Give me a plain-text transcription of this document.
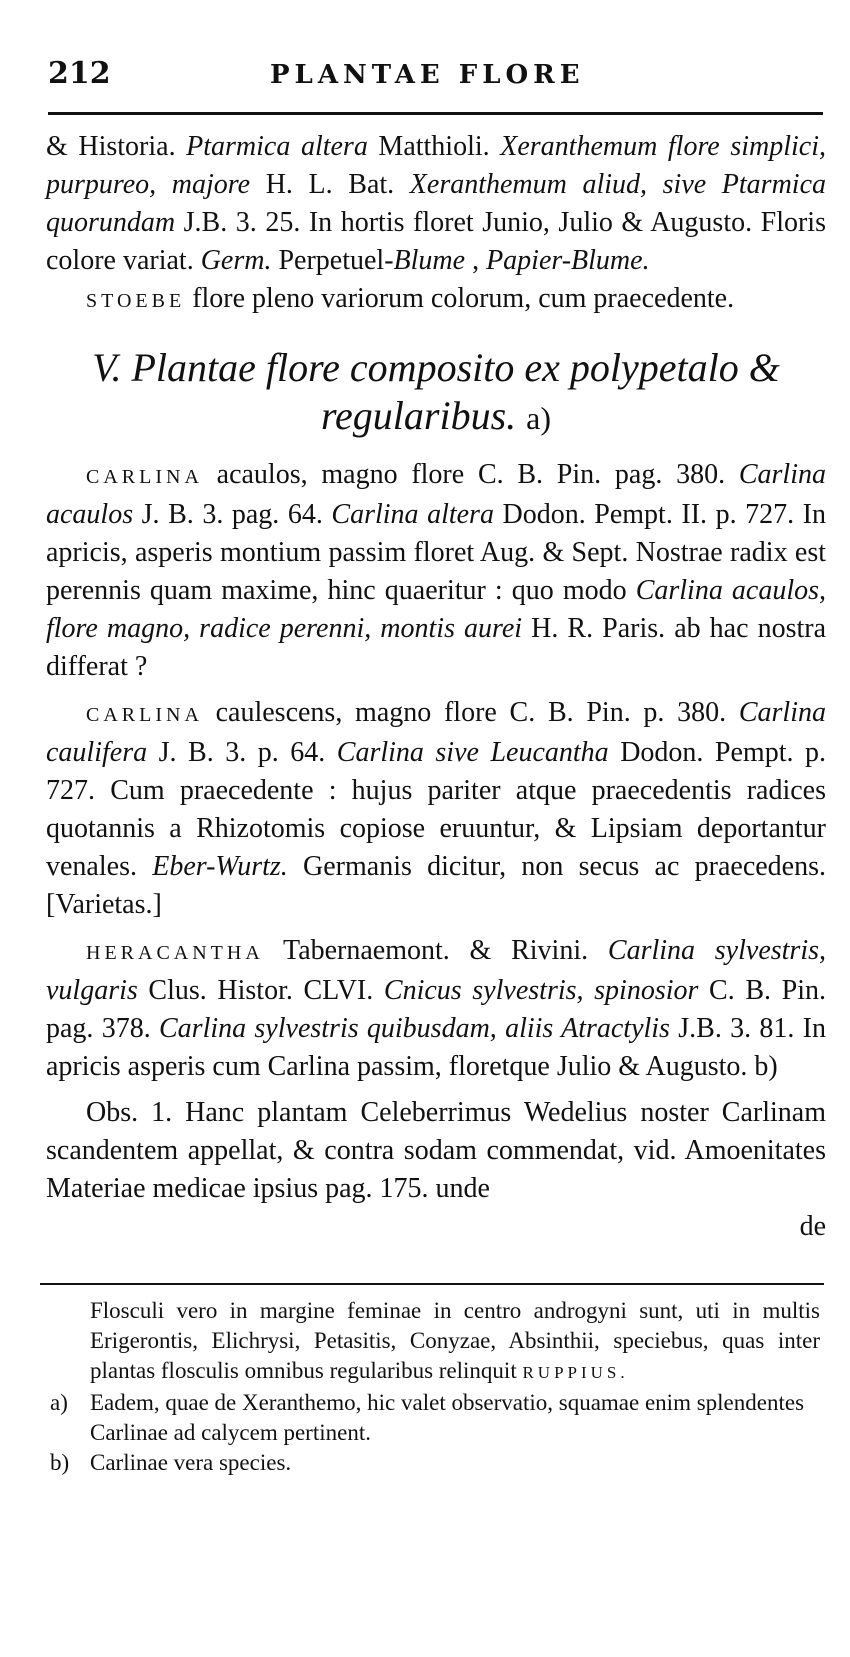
212	PLANTAE FLORE

& Historia. Ptarmica altera Matthioli. Xeranthemum flore simplici, purpureo, majore H. L. Bat. Xeranthemum aliud, sive Ptarmica quorundam J.B. 3. 25. In hortis floret Junio, Julio & Augusto. Floris colore variat. Germ. Perpetuel-Blume , Papier-Blume.

STOEBE flore pleno variorum colorum, cum praecedente.

V. Plantae flore composito ex polypetalo & regularibus. a)

CARLINA acaulos, magno flore C. B. Pin. pag. 380. Carlina acaulos J. B. 3. pag. 64. Carlina altera Dodon. Pempt. II. p. 727. In apricis, asperis montium passim floret Aug. & Sept. Nostrae radix est perennis quam maxime, hinc quaeritur : quo modo Carlina acaulos, flore magno, radice perenni, montis aurei H. R. Paris. ab hac nostra differat ?

CARLINA caulescens, magno flore C. B. Pin. p. 380. Carlina caulifera J. B. 3. p. 64. Carlina sive Leucantha Dodon. Pempt. p. 727. Cum praecedente : hujus pariter atque praecedentis radices quotannis a Rhizotomis copiose eruuntur, & Lipsiam deportantur venales. Eber-Wurtz. Germanis dicitur, non secus ac praecedens. [Varietas.]

HERACANTHA Tabernaemont. & Rivini. Carlina sylvestris, vulgaris Clus. Histor. CLVI. Cnicus sylvestris, spinosior C. B. Pin. pag. 378. Carlina sylvestris quibusdam, aliis Atractylis J.B. 3. 81. In apricis asperis cum Carlina passim, floretque Julio & Augusto. b)

Obs. 1. Hanc plantam Celeberrimus Wedelius noster Carlinam scandentem appellat, & contra sodam commendat, vid. Amoenitates Materiae medicae ipsius pag. 175. unde

de

Flosculi vero in margine feminae in centro androgyni sunt, uti in multis Erigerontis, Elichrysi, Petasitis, Conyzae, Absinthii, speciebus, quas inter plantas flosculis omnibus regularibus relinquit RUPPIUS.

a) Eadem, quae de Xeranthemo, hic valet observatio, squamae enim splendentes Carlinae ad calycem pertinent.
b) Carlinae vera species.
